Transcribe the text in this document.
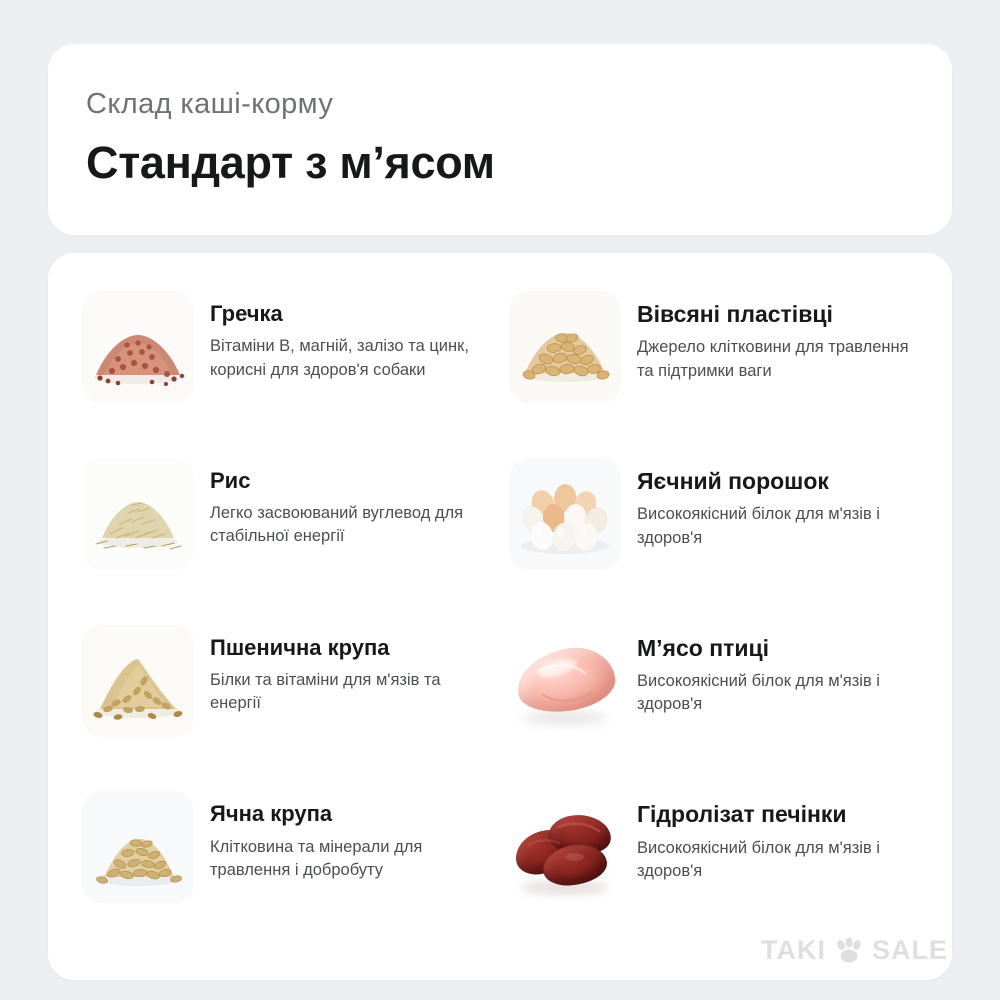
Склад каші-корму
Стандарт з м’ясом
Гречка
Вітаміни B, магній, залізо та цинк, корисні для здоров'я собаки
Вівсяні пластівці
Джерело клітковини для травлення та підтримки ваги
Рис
Легко засвоюваний вуглевод для стабільної енергії
Яєчний порошок
Високоякісний білок для м'язів і здоров'я
Пшенична крупа
Білки та вітаміни для м'язів та енергії
М’ясо птиці
Високоякісний білок для м'язів і здоров'я
Ячна крупа
Клітковина та мінерали для травлення і добробуту
Гідролізат печінки
Високоякісний білок для м'язів і здоров'я
TAKI SALE
